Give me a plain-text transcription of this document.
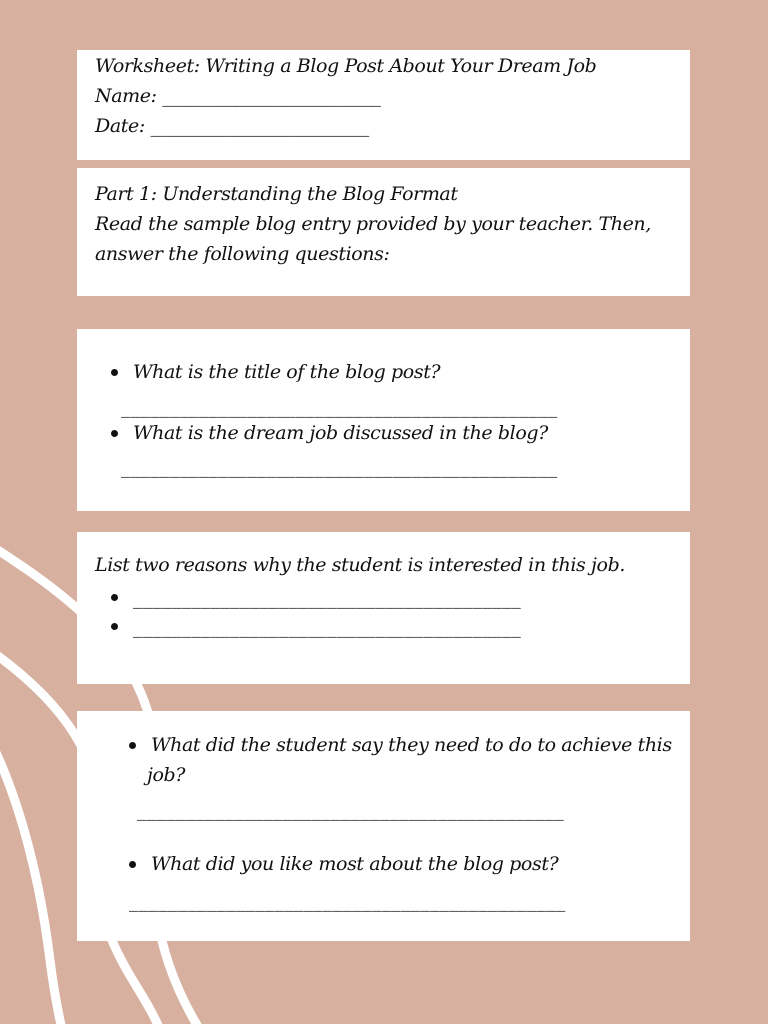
Worksheet: Writing a Blog Post About Your Dream Job
Name: ________________________
Date: ________________________
Part 1: Understanding the Blog Format
Read the sample blog entry provided by your teacher. Then,
answer the following questions:
What is the title of the blog post?
_____________________________________________
What is the dream job discussed in the blog?
_____________________________________________
List two reasons why the student is interested in this job.
________________________________________
________________________________________
What did the student say they need to do to achieve this
job?
____________________________________________
What did you like most about the blog post?
_____________________________________________
